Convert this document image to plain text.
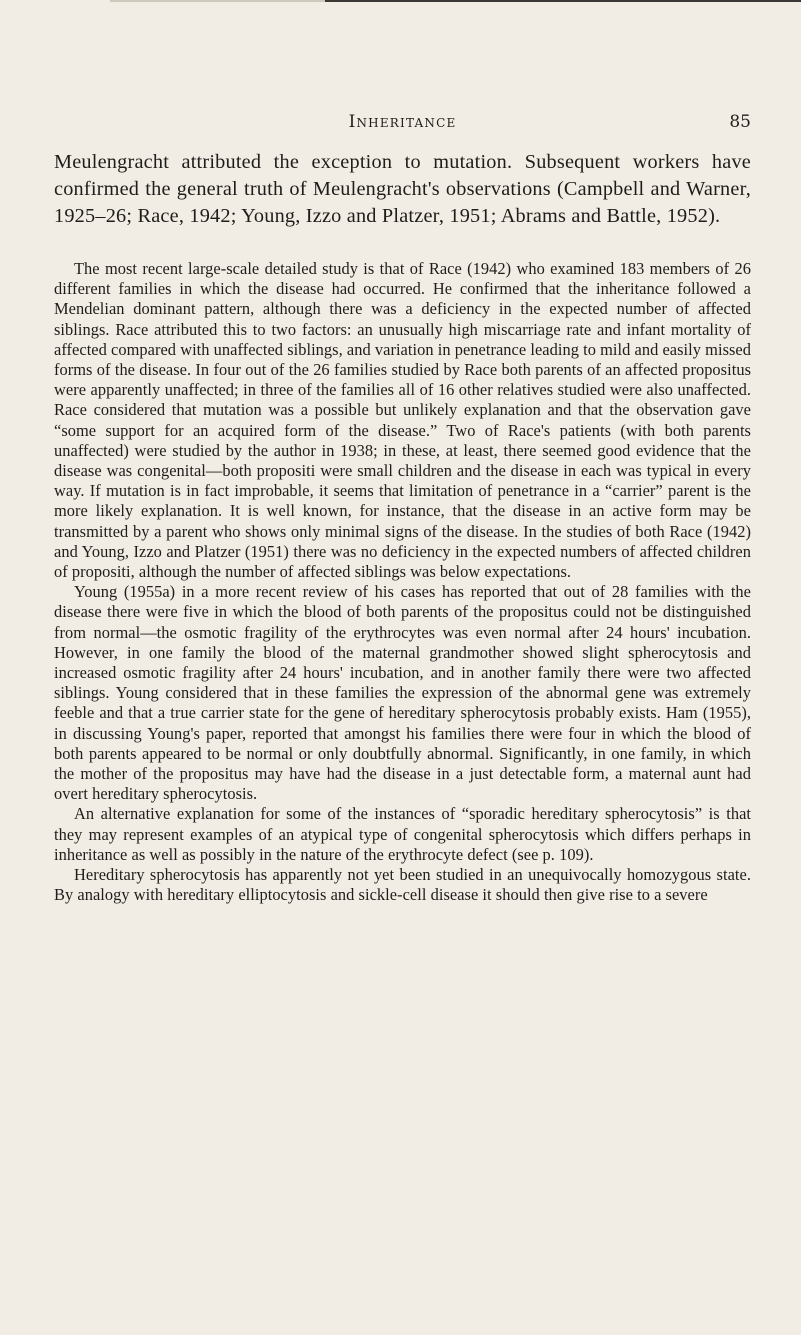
Inheritance	85
Meulengracht attributed the exception to mutation. Subsequent workers have confirmed the general truth of Meulengracht's observations (Campbell and Warner, 1925–26; Race, 1942; Young, Izzo and Platzer, 1951; Abrams and Battle, 1952).

The most recent large-scale detailed study is that of Race (1942) who examined 183 members of 26 different families in which the disease had occurred. He confirmed that the inheritance followed a Mendelian dominant pattern, although there was a deficiency in the expected number of affected siblings. Race attributed this to two factors: an unusually high miscarriage rate and infant mortality of affected compared with unaffected siblings, and variation in penetrance leading to mild and easily missed forms of the disease. In four out of the 26 families studied by Race both parents of an affected propositus were apparently unaffected; in three of the families all of 16 other relatives studied were also unaffected. Race considered that mutation was a possible but unlikely explanation and that the observation gave “some support for an acquired form of the disease.” Two of Race's patients (with both parents unaffected) were studied by the author in 1938; in these, at least, there seemed good evidence that the disease was congenital—both propositi were small children and the disease in each was typical in every way. If mutation is in fact improbable, it seems that limitation of penetrance in a “carrier” parent is the more likely explanation. It is well known, for instance, that the disease in an active form may be transmitted by a parent who shows only minimal signs of the disease. In the studies of both Race (1942) and Young, Izzo and Platzer (1951) there was no deficiency in the expected numbers of affected children of propositi, although the number of affected siblings was below expectations.

Young (1955a) in a more recent review of his cases has reported that out of 28 families with the disease there were five in which the blood of both parents of the propositus could not be distinguished from normal—the osmotic fragility of the erythrocytes was even normal after 24 hours' incubation. However, in one family the blood of the maternal grandmother showed slight spherocytosis and increased osmotic fragility after 24 hours' incubation, and in another family there were two affected siblings. Young considered that in these families the expression of the abnormal gene was extremely feeble and that a true carrier state for the gene of hereditary spherocytosis probably exists. Ham (1955), in discussing Young's paper, reported that amongst his families there were four in which the blood of both parents appeared to be normal or only doubtfully abnormal. Significantly, in one family, in which the mother of the propositus may have had the disease in a just detectable form, a maternal aunt had overt hereditary spherocytosis.

An alternative explanation for some of the instances of “sporadic hereditary spherocytosis” is that they may represent examples of an atypical type of congenital spherocytosis which differs perhaps in inheritance as well as possibly in the nature of the erythrocyte defect (see p. 109).

Hereditary spherocytosis has apparently not yet been studied in an unequivocally homozygous state. By analogy with hereditary elliptocytosis and sickle-cell disease it should then give rise to a severe
